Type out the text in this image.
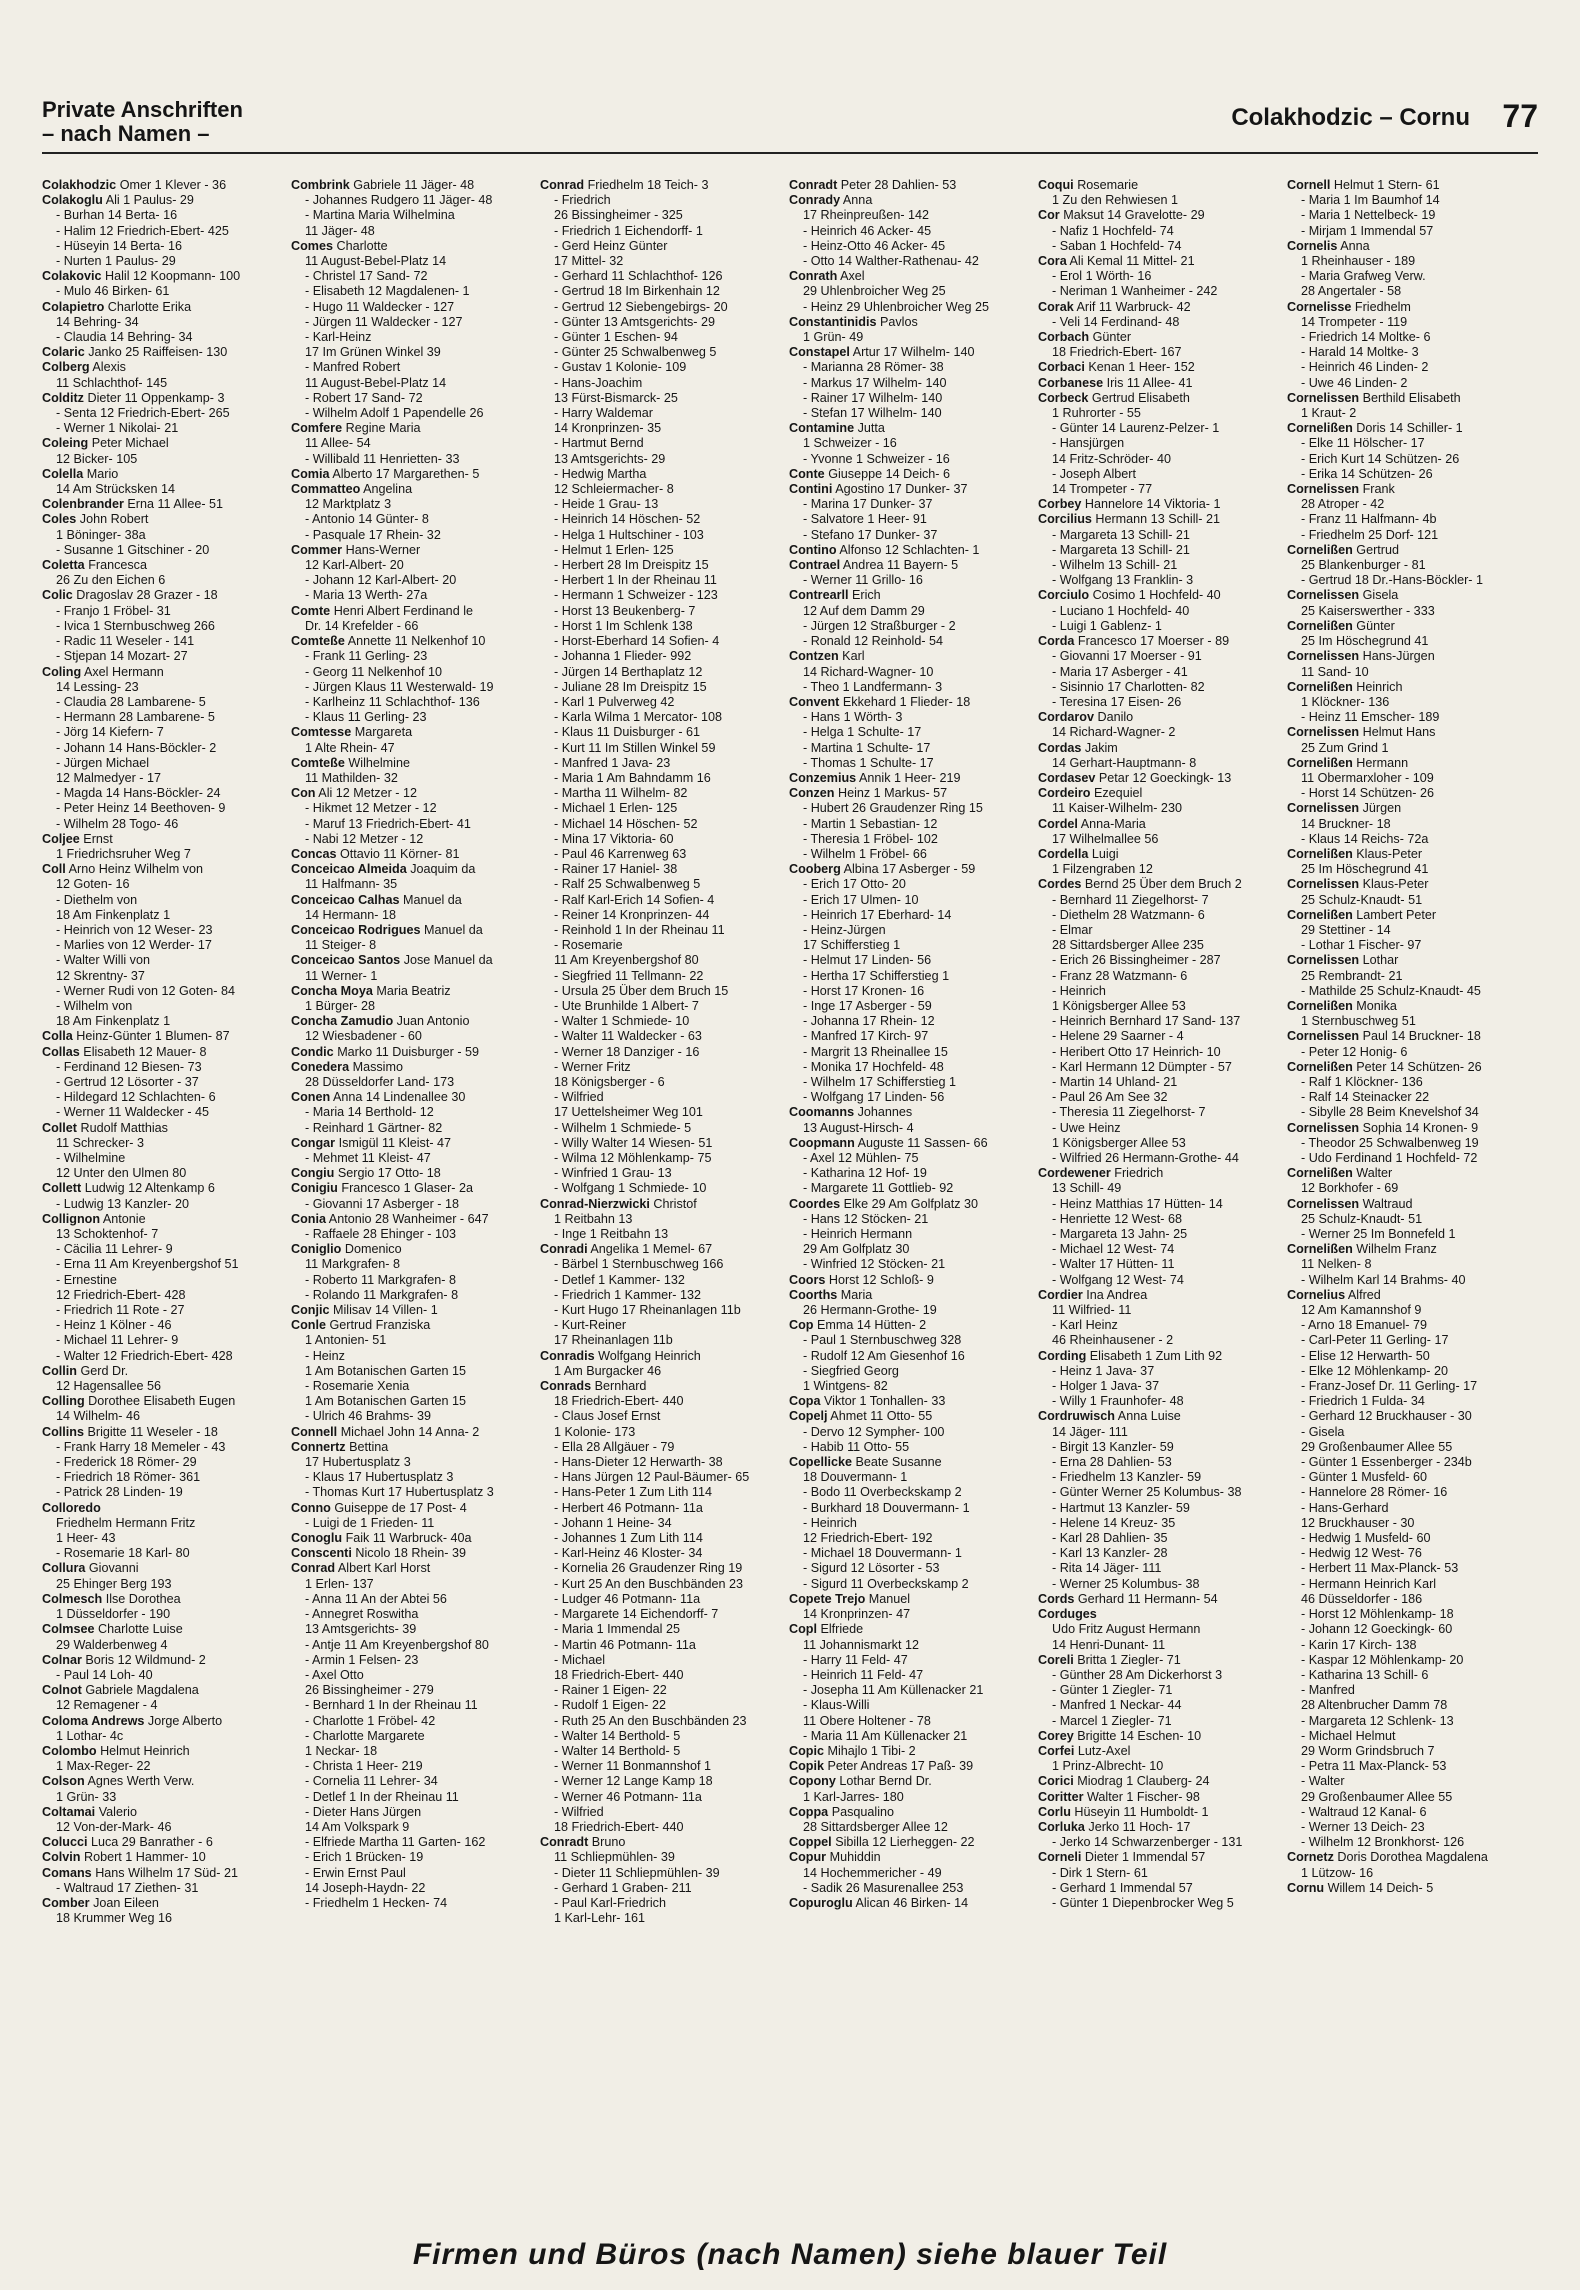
Private Anschriften
– nach Namen –
Colakhodzic – Cornu 77
Colakhodzic Omer 1 Klever - 36
Colakoglu Ali 1 Paulus- 29
- Burhan 14 Berta- 16
- Halim 12 Friedrich-Ebert- 425
- Hüseyin 14 Berta- 16
- Nurten 1 Paulus- 29
Colakovic Halil 12 Koopmann- 100
- Mulo 46 Birken- 61
Colapietro Charlotte Erika
14 Behring- 34
- Claudia 14 Behring- 34
Colaric Janko 25 Raiffeisen- 130
Colberg Alexis
11 Schlachthof- 145
Colditz Dieter 11 Oppenkamp- 3
- Senta 12 Friedrich-Ebert- 265
- Werner 1 Nikolai- 21
Coleing Peter Michael
12 Bicker- 105
Colella Mario
14 Am Strücksken 14
Colenbrander Erna 11 Allee- 51
Coles John Robert
1 Böninger- 38a
- Susanne 1 Gitschiner - 20
Coletta Francesca
26 Zu den Eichen 6
Colic Dragoslav 28 Grazer - 18
- Franjo 1 Fröbel- 31
- Ivica 1 Sternbuschweg 266
- Radic 11 Weseler - 141
- Stjepan 14 Mozart- 27
Coling Axel Hermann
14 Lessing- 23
- Claudia 28 Lambarene- 5
- Hermann 28 Lambarene- 5
- Jörg 14 Kiefern- 7
- Johann 14 Hans-Böckler- 2
- Jürgen Michael
12 Malmedyer - 17
- Magda 14 Hans-Böckler- 24
- Peter Heinz 14 Beethoven- 9
- Wilhelm 28 Togo- 46
Coljee Ernst
1 Friedrichsruher Weg 7
Coll Arno Heinz Wilhelm von
12 Goten- 16
- Diethelm von
18 Am Finkenplatz 1
- Heinrich von 12 Weser- 23
- Marlies von 12 Werder- 17
- Walter Willi von
12 Skrentny- 37
- Werner Rudi von 12 Goten- 84
- Wilhelm von
18 Am Finkenplatz 1
Colla Heinz-Günter 1 Blumen- 87
Collas Elisabeth 12 Mauer- 8
- Ferdinand 12 Biesen- 73
- Gertrud 12 Lösorter - 37
- Hildegard 12 Schlachten- 6
- Werner 11 Waldecker - 45
Collet Rudolf Matthias
11 Schrecker- 3
- Wilhelmine
12 Unter den Ulmen 80
Collett Ludwig 12 Altenkamp 6
- Ludwig 13 Kanzler- 20
Collignon Antonie
13 Schoktenhof- 7
- Cäcilia 11 Lehrer- 9
- Erna 11 Am Kreyenbergshof 51
- Ernestine
12 Friedrich-Ebert- 428
- Friedrich 11 Rote - 27
- Heinz 1 Kölner - 46
- Michael 11 Lehrer- 9
- Walter 12 Friedrich-Ebert- 428
Collin Gerd Dr.
12 Hagensallee 56
Colling Dorothee Elisabeth Eugen
14 Wilhelm- 46
Collins Brigitte 11 Weseler - 18
- Frank Harry 18 Memeler - 43
- Frederick 18 Römer- 29
- Friedrich 18 Römer- 361
- Patrick 28 Linden- 19
Colloredo
Friedhelm Hermann Fritz
1 Heer- 43
- Rosemarie 18 Karl- 80
Collura Giovanni
25 Ehinger Berg 193
Colmesch Ilse Dorothea
1 Düsseldorfer - 190
Colmsee Charlotte Luise
29 Walderbenweg 4
Colnar Boris 12 Wildmund- 2
- Paul 14 Loh- 40
Colnot Gabriele Magdalena
12 Remagener - 4
Coloma Andrews Jorge Alberto
1 Lothar- 4c
Colombo Helmut Heinrich
1 Max-Reger- 22
Colson Agnes Werth Verw.
1 Grün- 33
Coltamai Valerio
12 Von-der-Mark- 46
Colucci Luca 29 Banrather - 6
Colvin Robert 1 Hammer- 10
Comans Hans Wilhelm 17 Süd- 21
- Waltraud 17 Ziethen- 31
Comber Joan Eileen
18 Krummer Weg 16
Combrink Gabriele 11 Jäger- 48
- Johannes Rudgero 11 Jäger- 48
- Martina Maria Wilhelmina
11 Jäger- 48
Comes Charlotte
11 August-Bebel-Platz 14
- Christel 17 Sand- 72
- Elisabeth 12 Magdalenen- 1
- Hugo 11 Waldecker - 127
- Jürgen 11 Waldecker - 127
- Karl-Heinz
17 Im Grünen Winkel 39
- Manfred Robert
11 August-Bebel-Platz 14
- Robert 17 Sand- 72
- Wilhelm Adolf 1 Papendelle 26
Comfere Regine Maria
11 Allee- 54
- Willibald 11 Henrietten- 33
Comia Alberto 17 Margarethen- 5
Commatteo Angelina
12 Marktplatz 3
- Antonio 14 Günter- 8
- Pasquale 17 Rhein- 32
Commer Hans-Werner
12 Karl-Albert- 20
- Johann 12 Karl-Albert- 20
- Maria 13 Werth- 27a
Comte Henri Albert Ferdinand le
Dr. 14 Krefelder - 66
Comteße Annette 11 Nelkenhof 10
- Frank 11 Gerling- 23
- Georg 11 Nelkenhof 10
- Jürgen Klaus 11 Westerwald- 19
- Karlheinz 11 Schlachthof- 136
- Klaus 11 Gerling- 23
Comtesse Margareta
1 Alte Rhein- 47
Comteße Wilhelmine
11 Mathilden- 32
Con Ali 12 Metzer - 12
- Hikmet 12 Metzer - 12
- Maruf 13 Friedrich-Ebert- 41
- Nabi 12 Metzer - 12
Concas Ottavio 11 Körner- 81
Conceicao Almeida Joaquim da
11 Halfmann- 35
Conceicao Calhas Manuel da
14 Hermann- 18
Conceicao Rodrigues Manuel da
11 Steiger- 8
Conceicao Santos Jose Manuel da
11 Werner- 1
Concha Moya Maria Beatriz
1 Bürger- 28
Concha Zamudio Juan Antonio
12 Wiesbadener - 60
Condic Marko 11 Duisburger - 59
Conedera Massimo
28 Düsseldorfer Land- 173
Conen Anna 14 Lindenallee 30
- Maria 14 Berthold- 12
- Reinhard 1 Gärtner- 82
Congar Ismigül 11 Kleist- 47
- Mehmet 11 Kleist- 47
Congiu Sergio 17 Otto- 18
Conigiu Francesco 1 Glaser- 2a
- Giovanni 17 Asberger - 18
Conia Antonio 28 Wanheimer - 647
- Raffaele 28 Ehinger - 103
Coniglio Domenico
11 Markgrafen- 8
- Roberto 11 Markgrafen- 8
- Rolando 11 Markgrafen- 8
Conjic Milisav 14 Villen- 1
Conle Gertrud Franziska
1 Antonien- 51
- Heinz
1 Am Botanischen Garten 15
- Rosemarie Xenia
1 Am Botanischen Garten 15
- Ulrich 46 Brahms- 39
Connell Michael John 14 Anna- 2
Connertz Bettina
17 Hubertusplatz 3
- Klaus 17 Hubertusplatz 3
- Thomas Kurt 17 Hubertusplatz 3
Conno Guiseppe de 17 Post- 4
- Luigi de 1 Frieden- 11
Conoglu Faik 11 Warbruck- 40a
Conscenti Nicolo 18 Rhein- 39
Conrad Albert Karl Horst
1 Erlen- 137
- Anna 11 An der Abtei 56
- Annegret Roswitha
13 Amtsgerichts- 39
- Antje 11 Am Kreyenbergshof 80
- Armin 1 Felsen- 23
- Axel Otto
26 Bissingheimer - 279
- Bernhard 1 In der Rheinau 11
- Charlotte 1 Fröbel- 42
- Charlotte Margarete
1 Neckar- 18
- Christa 1 Heer- 219
- Cornelia 11 Lehrer- 34
- Detlef 1 In der Rheinau 11
- Dieter Hans Jürgen
14 Am Volkspark 9
- Elfriede Martha 11 Garten- 162
- Erich 1 Brücken- 19
- Erwin Ernst Paul
14 Joseph-Haydn- 22
- Friedhelm 1 Hecken- 74
Conrad Friedhelm 18 Teich- 3
- Friedrich
26 Bissingheimer - 325
- Friedrich 1 Eichendorff- 1
- Gerd Heinz Günter
17 Mittel- 32
- Gerhard 11 Schlachthof- 126
- Gertrud 18 Im Birkenhain 12
- Gertrud 12 Siebengebirgs- 20
- Günter 13 Amtsgerichts- 29
- Günter 1 Eschen- 94
- Günter 25 Schwalbenweg 5
- Gustav 1 Kolonie- 109
- Hans-Joachim
13 Fürst-Bismarck- 25
- Harry Waldemar
14 Kronprinzen- 35
- Hartmut Bernd
13 Amtsgerichts- 29
- Hedwig Martha
12 Schleiermacher- 8
- Heide 1 Grau- 13
- Heinrich 14 Höschen- 52
- Helga 1 Hultschiner - 103
- Helmut 1 Erlen- 125
- Herbert 28 Im Dreispitz 15
- Herbert 1 In der Rheinau 11
- Hermann 1 Schweizer - 123
- Horst 13 Beukenberg- 7
- Horst 1 Im Schlenk 138
- Horst-Eberhard 14 Sofien- 4
- Johanna 1 Flieder- 992
- Jürgen 14 Berthaplatz 12
- Juliane 28 Im Dreispitz 15
- Karl 1 Pulverweg 42
- Karla Wilma 1 Mercator- 108
- Klaus 11 Duisburger - 61
- Kurt 11 Im Stillen Winkel 59
- Manfred 1 Java- 23
- Maria 1 Am Bahndamm 16
- Martha 11 Wilhelm- 82
- Michael 1 Erlen- 125
- Michael 14 Höschen- 52
- Mina 17 Viktoria- 60
- Paul 46 Karrenweg 63
- Rainer 17 Haniel- 38
- Ralf 25 Schwalbenweg 5
- Ralf Karl-Erich 14 Sofien- 4
- Reiner 14 Kronprinzen- 44
- Reinhold 1 In der Rheinau 11
- Rosemarie
11 Am Kreyenbergshof 80
- Siegfried 11 Tellmann- 22
- Ursula 25 Über dem Bruch 15
- Ute Brunhilde 1 Albert- 7
- Walter 1 Schmiede- 10
- Walter 11 Waldecker - 63
- Werner 18 Danziger - 16
- Werner Fritz
18 Königsberger - 6
- Wilfried
17 Uettelsheimer Weg 101
- Wilhelm 1 Schmiede- 5
- Willy Walter 14 Wiesen- 51
- Wilma 12 Möhlenkamp- 75
- Winfried 1 Grau- 13
- Wolfgang 1 Schmiede- 10
Conrad-Nierzwicki Christof
1 Reitbahn 13
- Inge 1 Reitbahn 13
Conradi Angelika 1 Memel- 67
- Bärbel 1 Sternbuschweg 166
- Detlef 1 Kammer- 132
- Friedrich 1 Kammer- 132
- Kurt Hugo 17 Rheinanlagen 11b
- Kurt-Reiner
17 Rheinanlagen 11b
Conradis Wolfgang Heinrich
1 Am Burgacker 46
Conrads Bernhard
18 Friedrich-Ebert- 440
- Claus Josef Ernst
1 Kolonie- 173
- Ella 28 Allgäuer - 79
- Hans-Dieter 12 Herwarth- 38
- Hans Jürgen 12 Paul-Bäumer- 65
- Hans-Peter 1 Zum Lith 114
- Herbert 46 Potmann- 11a
- Johann 1 Heine- 34
- Johannes 1 Zum Lith 114
- Karl-Heinz 46 Kloster- 34
- Kornelia 26 Graudenzer Ring 19
- Kurt 25 An den Buschbänden 23
- Ludger 46 Potmann- 11a
- Margarete 14 Eichendorff- 7
- Maria 1 Immendal 25
- Martin 46 Potmann- 11a
- Michael
18 Friedrich-Ebert- 440
- Rainer 1 Eigen- 22
- Rudolf 1 Eigen- 22
- Ruth 25 An den Buschbänden 23
- Walter 14 Berthold- 5
- Walter 14 Berthold- 5
- Werner 11 Bonmannshof 1
- Werner 12 Lange Kamp 18
- Werner 46 Potmann- 11a
- Wilfried
18 Friedrich-Ebert- 440
Conradt Bruno
11 Schliepmühlen- 39
- Dieter 11 Schliepmühlen- 39
- Gerhard 1 Graben- 211
- Paul Karl-Friedrich
1 Karl-Lehr- 161
Conradt Peter 28 Dahlien- 53
Conrady Anna
17 Rheinpreußen- 142
- Heinrich 46 Acker- 45
- Heinz-Otto 46 Acker- 45
- Otto 14 Walther-Rathenau- 42
Conrath Axel
29 Uhlenbroicher Weg 25
- Heinz 29 Uhlenbroicher Weg 25
Constantinidis Pavlos
1 Grün- 49
Constapel Artur 17 Wilhelm- 140
- Marianna 28 Römer- 38
- Markus 17 Wilhelm- 140
- Rainer 17 Wilhelm- 140
- Stefan 17 Wilhelm- 140
Contamine Jutta
1 Schweizer - 16
- Yvonne 1 Schweizer - 16
Conte Giuseppe 14 Deich- 6
Contini Agostino 17 Dunker- 37
- Marina 17 Dunker- 37
- Salvatore 1 Heer- 91
- Stefano 17 Dunker- 37
Contino Alfonso 12 Schlachten- 1
Contrael Andrea 11 Bayern- 5
- Werner 11 Grillo- 16
Contrearll Erich
12 Auf dem Damm 29
- Jürgen 12 Straßburger - 2
- Ronald 12 Reinhold- 54
Contzen Karl
14 Richard-Wagner- 10
- Theo 1 Landfermann- 3
Convent Ekkehard 1 Flieder- 18
- Hans 1 Wörth- 3
- Helga 1 Schulte- 17
- Martina 1 Schulte- 17
- Thomas 1 Schulte- 17
Conzemius Annik 1 Heer- 219
Conzen Heinz 1 Markus- 57
- Hubert 26 Graudenzer Ring 15
- Martin 1 Sebastian- 12
- Theresia 1 Fröbel- 102
- Wilhelm 1 Fröbel- 66
Cooberg Albina 17 Asberger - 59
- Erich 17 Otto- 20
- Erich 17 Ulmen- 10
- Heinrich 17 Eberhard- 14
- Heinz-Jürgen
17 Schifferstieg 1
- Helmut 17 Linden- 56
- Hertha 17 Schifferstieg 1
- Horst 17 Kronen- 16
- Inge 17 Asberger - 59
- Johanna 17 Rhein- 12
- Manfred 17 Kirch- 97
- Margrit 13 Rheinallee 15
- Monika 17 Hochfeld- 48
- Wilhelm 17 Schifferstieg 1
- Wolfgang 17 Linden- 56
Coomanns Johannes
13 August-Hirsch- 4
Coopmann Auguste 11 Sassen- 66
- Axel 12 Mühlen- 75
- Katharina 12 Hof- 19
- Margarete 11 Gottlieb- 92
Coordes Elke 29 Am Golfplatz 30
- Hans 12 Stöcken- 21
- Heinrich Hermann
29 Am Golfplatz 30
- Winfried 12 Stöcken- 21
Coors Horst 12 Schloß- 9
Coorths Maria
26 Hermann-Grothe- 19
Cop Emma 14 Hütten- 2
- Paul 1 Sternbuschweg 328
- Rudolf 12 Am Giesenhof 16
- Siegfried Georg
1 Wintgens- 82
Copa Viktor 1 Tonhallen- 33
Copelj Ahmet 11 Otto- 55
- Dervo 12 Sympher- 100
- Habib 11 Otto- 55
Copellicke Beate Susanne
18 Douvermann- 1
- Bodo 11 Overbeckskamp 2
- Burkhard 18 Douvermann- 1
- Heinrich
12 Friedrich-Ebert- 192
- Michael 18 Douvermann- 1
- Sigurd 12 Lösorter - 53
- Sigurd 11 Overbeckskamp 2
Copete Trejo Manuel
14 Kronprinzen- 47
Copl Elfriede
11 Johannismarkt 12
- Harry 11 Feld- 47
- Heinrich 11 Feld- 47
- Josepha 11 Am Küllenacker 21
- Klaus-Willi
11 Obere Holtener - 78
- Maria 11 Am Küllenacker 21
Copic Mihajlo 1 Tibi- 2
Copik Peter Andreas 17 Paß- 39
Copony Lothar Bernd Dr.
1 Karl-Jarres- 180
Coppa Pasqualino
28 Sittardsberger Allee 12
Coppel Sibilla 12 Lierheggen- 22
Copur Muhiddin
14 Hochemmericher - 49
- Sadik 26 Masurenallee 253
Copuroglu Alican 46 Birken- 14
Coqui Rosemarie
1 Zu den Rehwiesen 1
Cor Maksut 14 Gravelotte- 29
- Nafiz 1 Hochfeld- 74
- Saban 1 Hochfeld- 74
Cora Ali Kemal 11 Mittel- 21
- Erol 1 Wörth- 16
- Neriman 1 Wanheimer - 242
Corak Arif 11 Warbruck- 42
- Veli 14 Ferdinand- 48
Corbach Günter
18 Friedrich-Ebert- 167
Corbaci Kenan 1 Heer- 152
Corbanese Iris 11 Allee- 41
Corbeck Gertrud Elisabeth
1 Ruhrorter - 55
- Günter 14 Laurenz-Pelzer- 1
- Hansjürgen
14 Fritz-Schröder- 40
- Joseph Albert
14 Trompeter - 77
Corbey Hannelore 14 Viktoria- 1
Corcilius Hermann 13 Schill- 21
- Margareta 13 Schill- 21
- Margareta 13 Schill- 21
- Wilhelm 13 Schill- 21
- Wolfgang 13 Franklin- 3
Corciulo Cosimo 1 Hochfeld- 40
- Luciano 1 Hochfeld- 40
- Luigi 1 Gablenz- 1
Corda Francesco 17 Moerser - 89
- Giovanni 17 Moerser - 91
- Maria 17 Asberger - 41
- Sisinnio 17 Charlotten- 82
- Teresina 17 Eisen- 26
Cordarov Danilo
14 Richard-Wagner- 2
Cordas Jakim
14 Gerhart-Hauptmann- 8
Cordasev Petar 12 Goeckingk- 13
Cordeiro Ezequiel
11 Kaiser-Wilhelm- 230
Cordel Anna-Maria
17 Wilhelmallee 56
Cordella Luigi
1 Filzengraben 12
Cordes Bernd 25 Über dem Bruch 2
- Bernhard 11 Ziegelhorst- 7
- Diethelm 28 Watzmann- 6
- Elmar
28 Sittardsberger Allee 235
- Erich 26 Bissingheimer - 287
- Franz 28 Watzmann- 6
- Heinrich
1 Königsberger Allee 53
- Heinrich Bernhard 17 Sand- 137
- Helene 29 Saarner - 4
- Heribert Otto 17 Heinrich- 10
- Karl Hermann 12 Dümpter - 57
- Martin 14 Uhland- 21
- Paul 26 Am See 32
- Theresia 11 Ziegelhorst- 7
- Uwe Heinz
1 Königsberger Allee 53
- Wilfried 26 Hermann-Grothe- 44
Cordewener Friedrich
13 Schill- 49
- Heinz Matthias 17 Hütten- 14
- Henriette 12 West- 68
- Margareta 13 Jahn- 25
- Michael 12 West- 74
- Walter 17 Hütten- 11
- Wolfgang 12 West- 74
Cordier Ina Andrea
11 Wilfried- 11
- Karl Heinz
46 Rheinhausener - 2
Cording Elisabeth 1 Zum Lith 92
- Heinz 1 Java- 37
- Holger 1 Java- 37
- Willy 1 Fraunhofer- 48
Cordruwisch Anna Luise
14 Jäger- 111
- Birgit 13 Kanzler- 59
- Erna 28 Dahlien- 53
- Friedhelm 13 Kanzler- 59
- Günter Werner 25 Kolumbus- 38
- Hartmut 13 Kanzler- 59
- Helene 14 Kreuz- 35
- Karl 28 Dahlien- 35
- Karl 13 Kanzler- 28
- Rita 14 Jäger- 111
- Werner 25 Kolumbus- 38
Cords Gerhard 11 Hermann- 54
Corduges
Udo Fritz August Hermann
14 Henri-Dunant- 11
Coreli Britta 1 Ziegler- 71
- Günther 28 Am Dickerhorst 3
- Günter 1 Ziegler- 71
- Manfred 1 Neckar- 44
- Marcel 1 Ziegler- 71
Corey Brigitte 14 Eschen- 10
Corfei Lutz-Axel
1 Prinz-Albrecht- 10
Corici Miodrag 1 Clauberg- 24
Coritter Walter 1 Fischer- 98
Corlu Hüseyin 11 Humboldt- 1
Corluka Jerko 11 Hoch- 17
- Jerko 14 Schwarzenberger - 131
Corneli Dieter 1 Immendal 57
- Dirk 1 Stern- 61
- Gerhard 1 Immendal 57
- Günter 1 Diepenbrocker Weg 5
Cornell Helmut 1 Stern- 61
- Maria 1 Im Baumhof 14
- Maria 1 Nettelbeck- 19
- Mirjam 1 Immendal 57
Cornelis Anna
1 Rheinhauser - 189
- Maria Grafweg Verw.
28 Angertaler - 58
Cornelisse Friedhelm
14 Trompeter - 119
- Friedrich 14 Moltke- 6
- Harald 14 Moltke- 3
- Heinrich 46 Linden- 2
- Uwe 46 Linden- 2
Cornelissen Berthild Elisabeth
1 Kraut- 2
Cornelißen Doris 14 Schiller- 1
- Elke 11 Hölscher- 17
- Erich Kurt 14 Schützen- 26
- Erika 14 Schützen- 26
Cornelissen Frank
28 Atroper - 42
- Franz 11 Halfmann- 4b
- Friedhelm 25 Dorf- 121
Cornelißen Gertrud
25 Blankenburger - 81
- Gertrud 18 Dr.-Hans-Böckler- 1
Cornelissen Gisela
25 Kaiserswerther - 333
Cornelißen Günter
25 Im Höschegrund 41
Cornelissen Hans-Jürgen
11 Sand- 10
Cornelißen Heinrich
1 Klöckner- 136
- Heinz 11 Emscher- 189
Cornelissen Helmut Hans
25 Zum Grind 1
Cornelißen Hermann
11 Obermarxloher - 109
- Horst 14 Schützen- 26
Cornelissen Jürgen
14 Bruckner- 18
- Klaus 14 Reichs- 72a
Cornelißen Klaus-Peter
25 Im Höschegrund 41
Cornelissen Klaus-Peter
25 Schulz-Knaudt- 51
Cornelißen Lambert Peter
29 Stettiner - 14
- Lothar 1 Fischer- 97
Cornelissen Lothar
25 Rembrandt- 21
- Mathilde 25 Schulz-Knaudt- 45
Cornelißen Monika
1 Sternbuschweg 51
Cornelissen Paul 14 Bruckner- 18
- Peter 12 Honig- 6
Cornelißen Peter 14 Schützen- 26
- Ralf 1 Klöckner- 136
- Ralf 14 Steinacker 22
- Sibylle 28 Beim Knevelshof 34
Cornelissen Sophia 14 Kronen- 9
- Theodor 25 Schwalbenweg 19
- Udo Ferdinand 1 Hochfeld- 72
Cornelißen Walter
12 Borkhofer - 69
Cornelissen Waltraud
25 Schulz-Knaudt- 51
- Werner 25 Im Bonnefeld 1
Cornelißen Wilhelm Franz
11 Nelken- 8
- Wilhelm Karl 14 Brahms- 40
Cornelius Alfred
12 Am Kamannshof 9
- Arno 18 Emanuel- 79
- Carl-Peter 11 Gerling- 17
- Elise 12 Herwarth- 50
- Elke 12 Möhlenkamp- 20
- Franz-Josef Dr. 11 Gerling- 17
- Friedrich 1 Fulda- 34
- Gerhard 12 Bruckhauser - 30
- Gisela
29 Großenbaumer Allee 55
- Günter 1 Essenberger - 234b
- Günter 1 Musfeld- 60
- Hannelore 28 Römer- 16
- Hans-Gerhard
12 Bruckhauser - 30
- Hedwig 1 Musfeld- 60
- Hedwig 12 West- 76
- Herbert 11 Max-Planck- 53
- Hermann Heinrich Karl
46 Düsseldorfer - 186
- Horst 12 Möhlenkamp- 18
- Johann 12 Goeckingk- 60
- Karin 17 Kirch- 138
- Kaspar 12 Möhlenkamp- 20
- Katharina 13 Schill- 6
- Manfred
28 Altenbrucher Damm 78
- Margareta 12 Schlenk- 13
- Michael Helmut
29 Worm Grindsbruch 7
- Petra 11 Max-Planck- 53
- Walter
29 Großenbaumer Allee 55
- Waltraud 12 Kanal- 6
- Werner 13 Deich- 23
- Wilhelm 12 Bronkhorst- 126
Cornetz Doris Dorothea Magdalena
1 Lützow- 16
Cornu Willem 14 Deich- 5
Firmen und Büros (nach Namen) siehe blauer Teil
